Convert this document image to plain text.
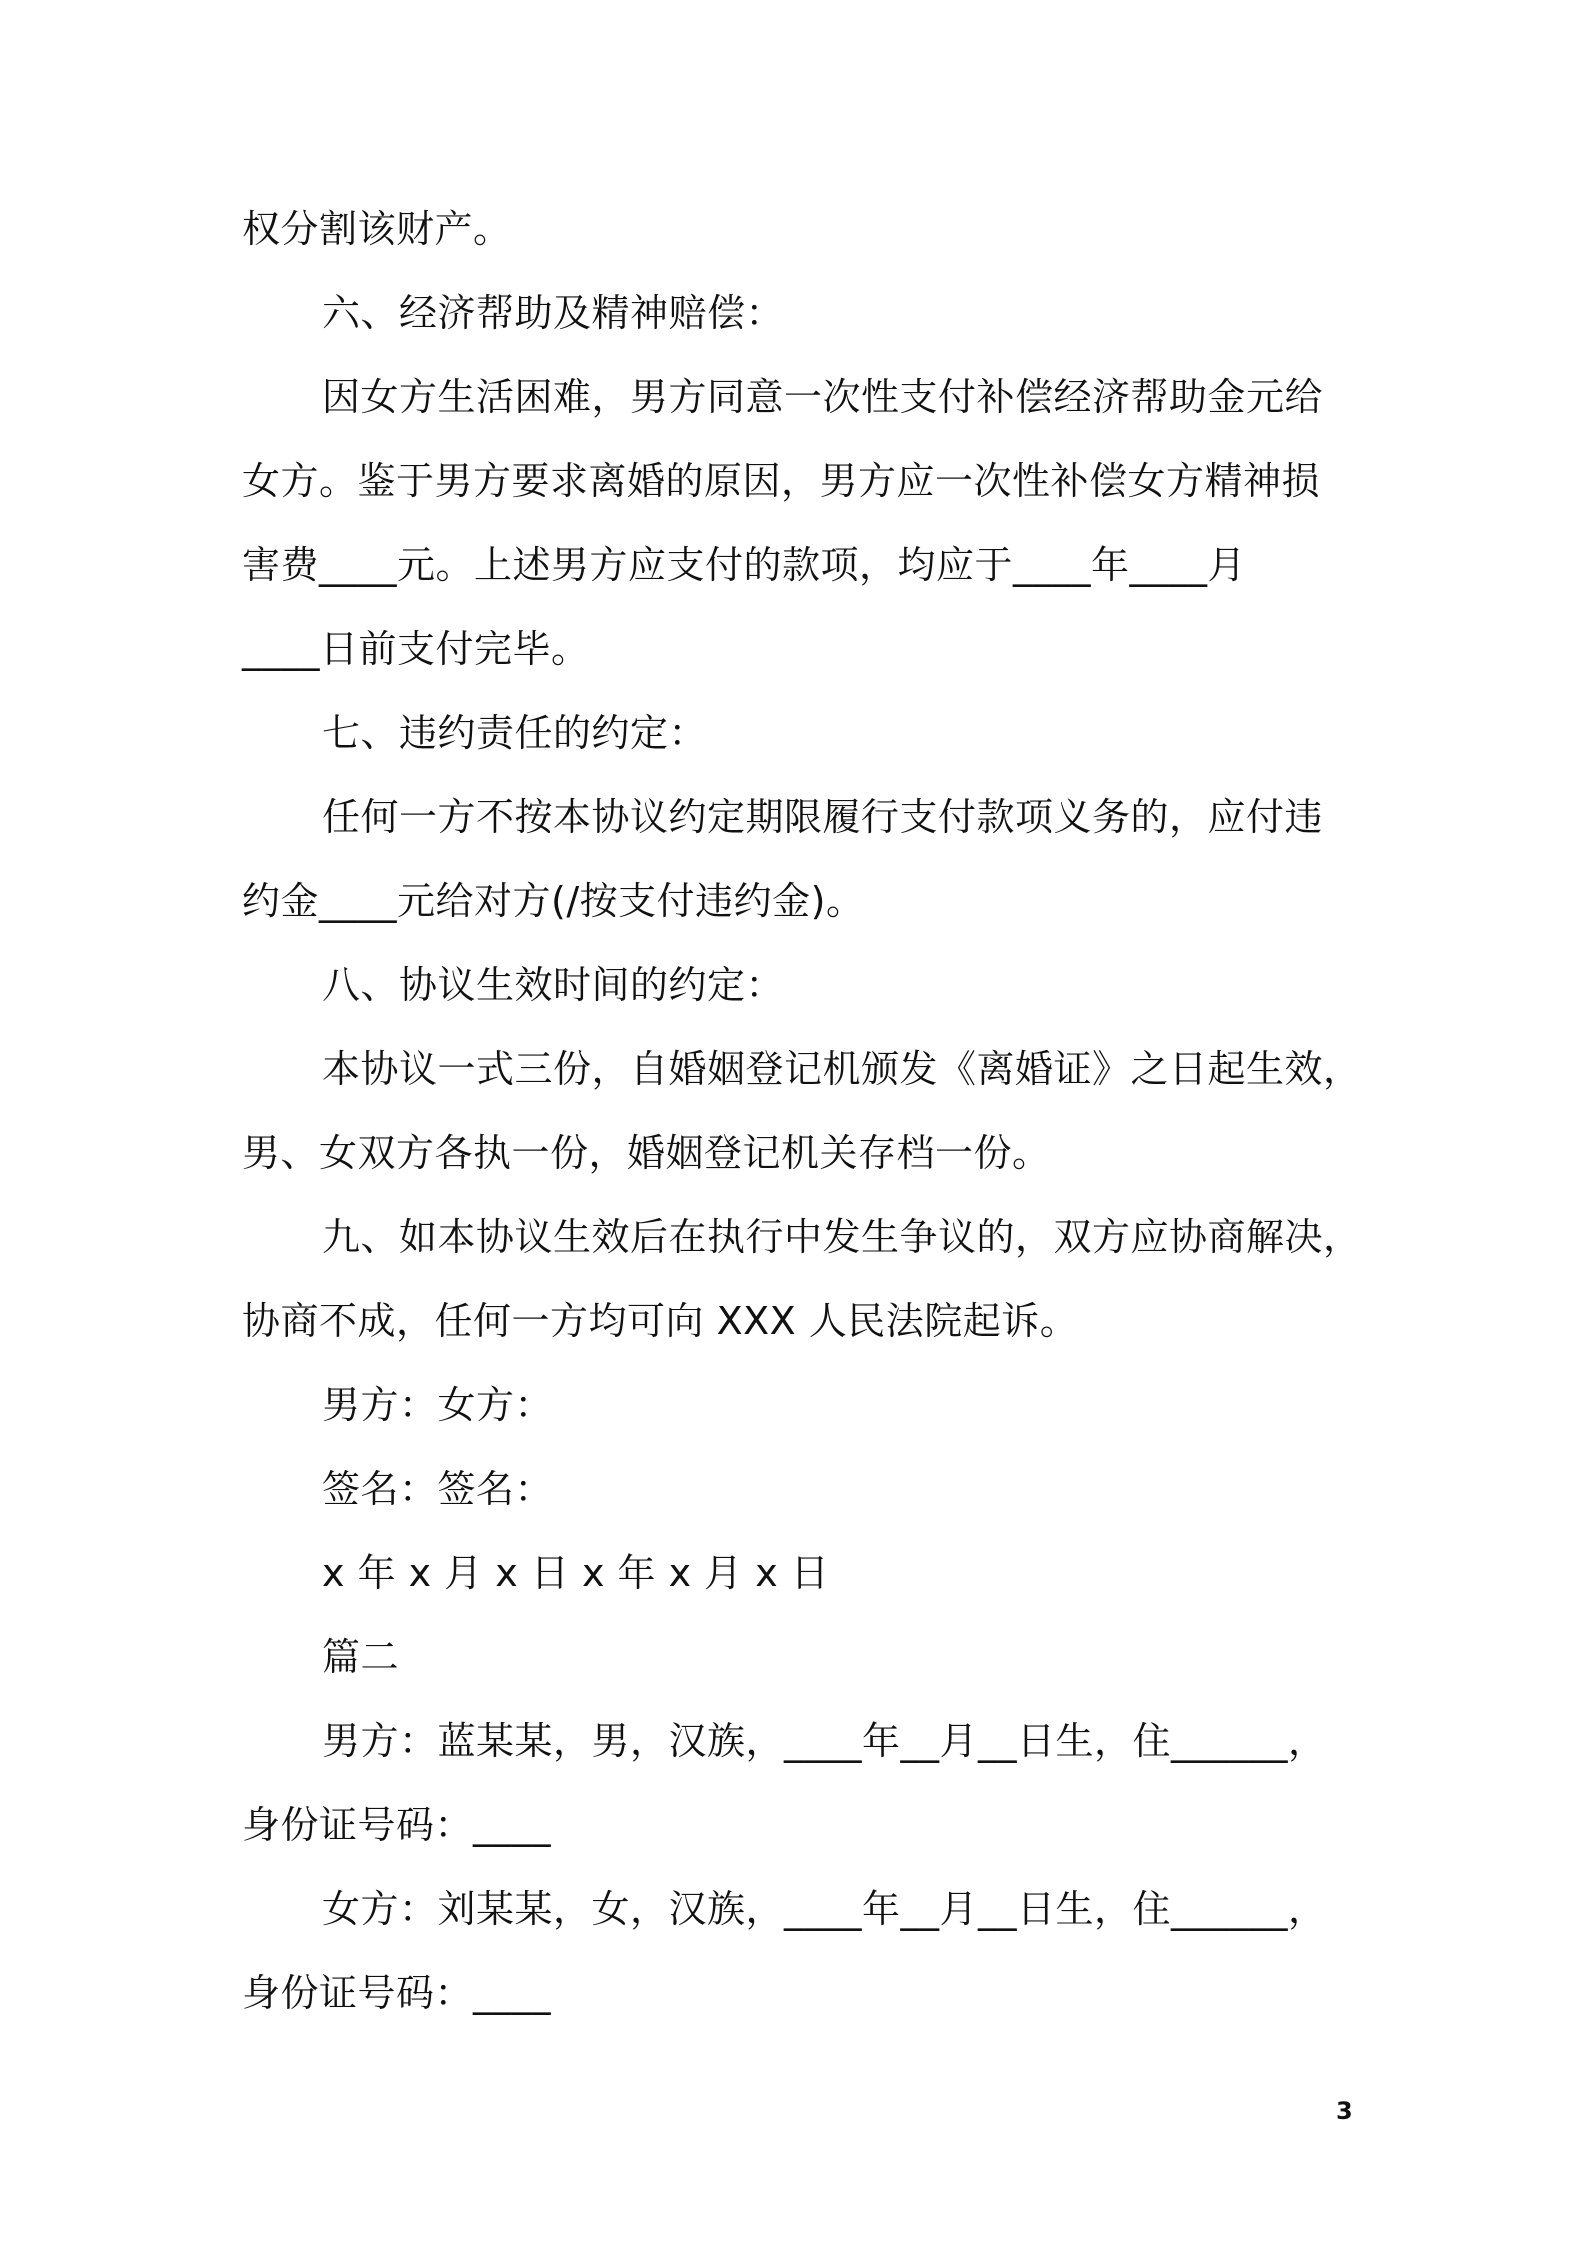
权分割该财产。
六、经济帮助及精神赔偿：
因女方生活困难，男方同意一次性支付补偿经济帮助金元给
女方。鉴于男方要求离婚的原因，男方应一次性补偿女方精神损
害费____元。上述男方应支付的款项，均应于____年____月
____日前支付完毕。
七、违约责任的约定：
任何一方不按本协议约定期限履行支付款项义务的，应付违
约金____元给对方(/按支付违约金)。
八、协议生效时间的约定：
本协议一式三份，自婚姻登记机颁发《离婚证》之日起生效，
男、女双方各执一份，婚姻登记机关存档一份。
九、如本协议生效后在执行中发生争议的，双方应协商解决，
协商不成，任何一方均可向 XXX 人民法院起诉。
男方：女方：
签名：签名：
x 年 x 月 x 日 x 年 x 月 x 日
篇二
男方：蓝某某，男，汉族，____年__月__日生，住______，
身份证号码：____
女方：刘某某，女，汉族，____年__月__日生，住______，
身份证号码：____
3
